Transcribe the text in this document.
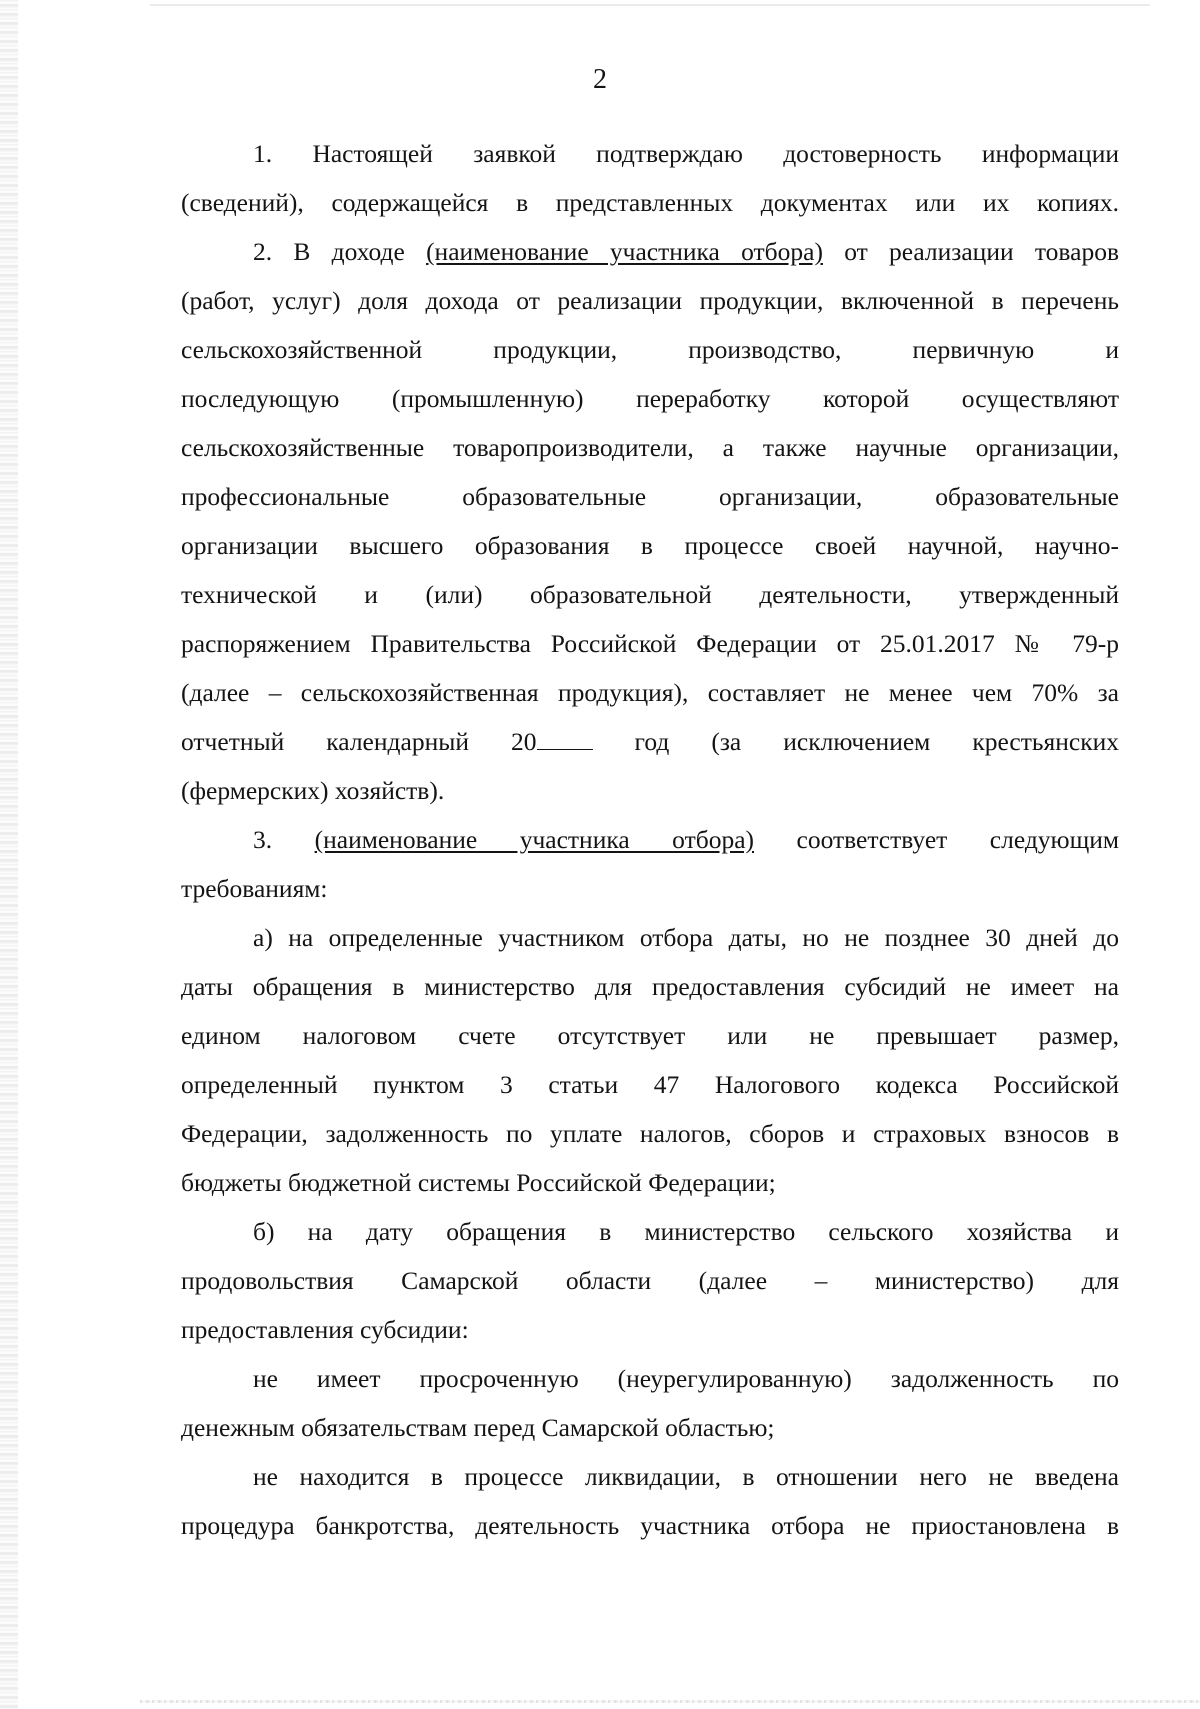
2
1. Настоящей заявкой подтверждаю достоверность информации
(сведений), содержащейся в представленных документах или их копиях.
2. В доходе (наименование участника отбора) от реализации товаров
(работ, услуг) доля дохода от реализации продукции, включенной в перечень
сельскохозяйственной продукции, производство, первичную и
последующую (промышленную) переработку которой осуществляют
сельскохозяйственные товаропроизводители, а также научные организации,
профессиональные образовательные организации, образовательные
организации высшего образования в процессе своей научной, научно-
технической и (или) образовательной деятельности, утвержденный
распоряжением Правительства Российской Федерации от 25.01.2017 № 79-р
(далее – сельскохозяйственная продукция), составляет не менее чем 70% за
отчетный календарный 20 год (за исключением крестьянских
(фермерских) хозяйств).
3. (наименование участника отбора) соответствует следующим
требованиям:
а) на определенные участником отбора даты, но не позднее 30 дней до
даты обращения в министерство для предоставления субсидий не имеет на
едином налоговом счете отсутствует или не превышает размер,
определенный пунктом 3 статьи 47 Налогового кодекса Российской
Федерации, задолженность по уплате налогов, сборов и страховых взносов в
бюджеты бюджетной системы Российской Федерации;
б) на дату обращения в министерство сельского хозяйства и
продовольствия Самарской области (далее – министерство) для
предоставления субсидии:
не имеет просроченную (неурегулированную) задолженность по
денежным обязательствам перед Самарской областью;
не находится в процессе ликвидации, в отношении него не введена
процедура банкротства, деятельность участника отбора не приостановлена в
